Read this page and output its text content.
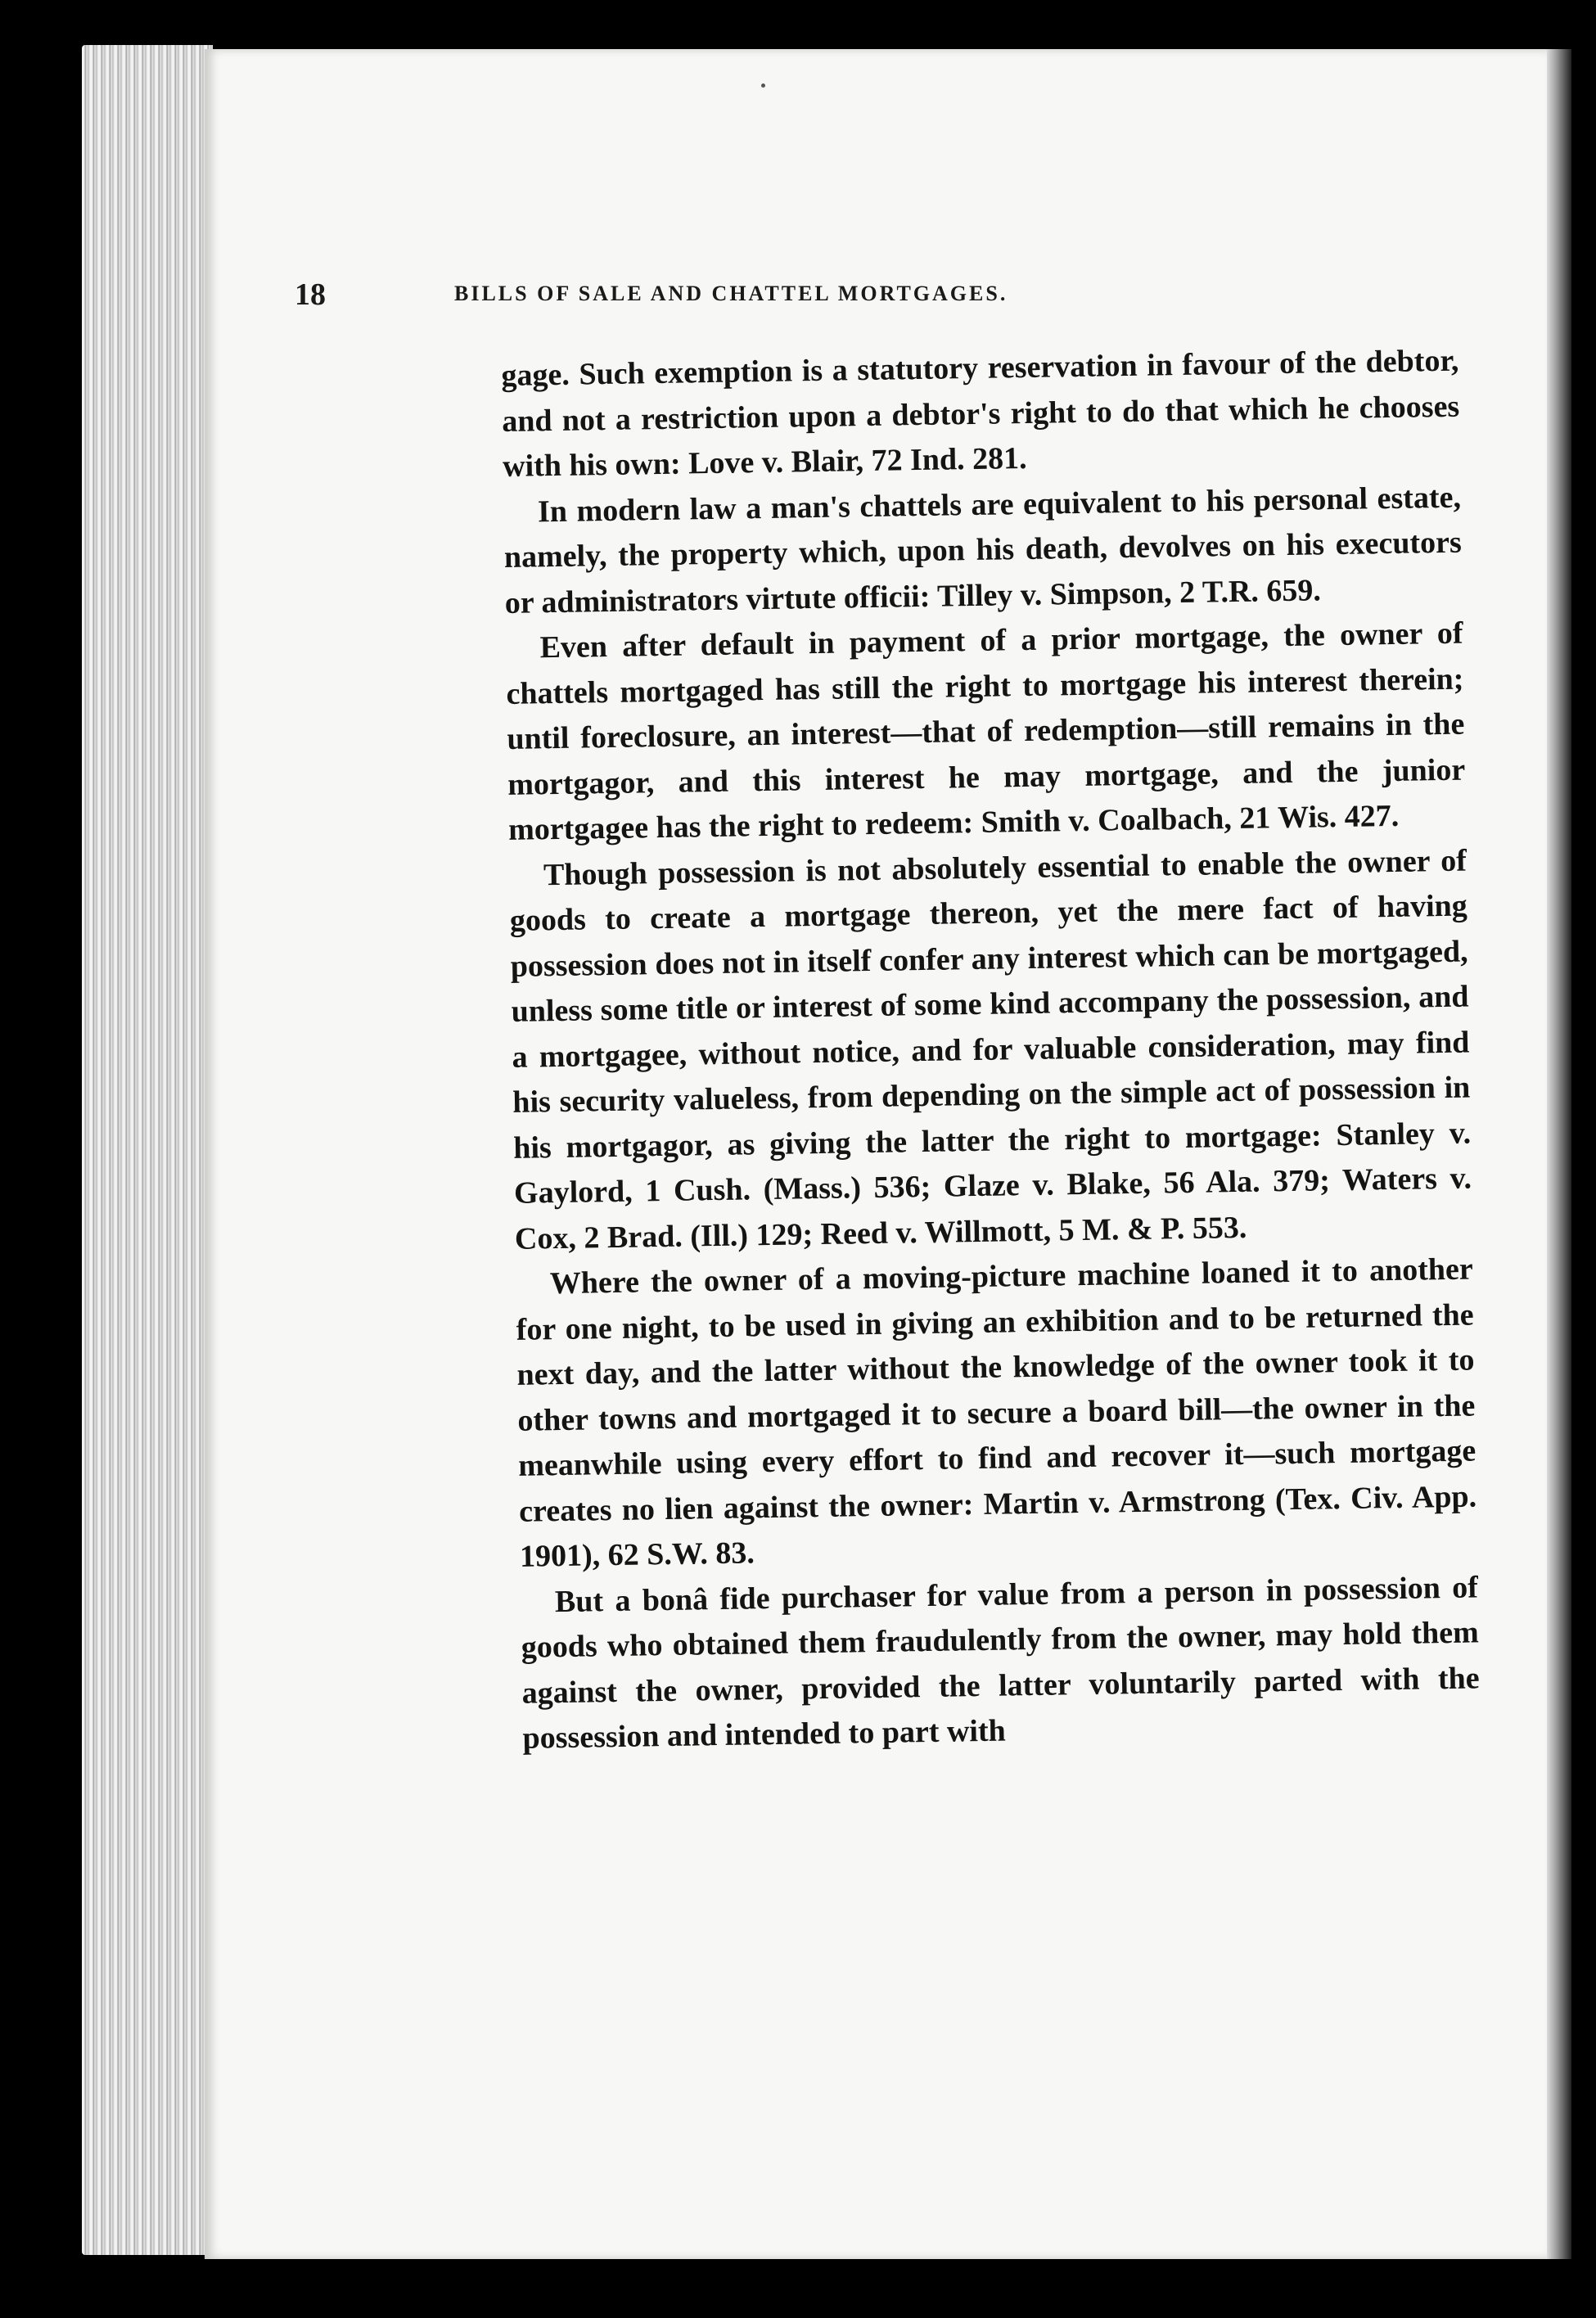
18	BILLS OF SALE AND CHATTEL MORTGAGES.

gage. Such exemption is a statutory reservation in favour of the debtor, and not a restriction upon a debtor's right to do that which he chooses with his own: Love v. Blair, 72 Ind. 281.

In modern law a man's chattels are equivalent to his personal estate, namely, the property which, upon his death, devolves on his executors or administrators virtute officii: Tilley v. Simpson, 2 T.R. 659.

Even after default in payment of a prior mortgage, the owner of chattels mortgaged has still the right to mortgage his interest therein; until foreclosure, an interest—that of redemption—still remains in the mortgagor, and this interest he may mortgage, and the junior mortgagee has the right to redeem: Smith v. Coalbach, 21 Wis. 427.

Though possession is not absolutely essential to enable the owner of goods to create a mortgage thereon, yet the mere fact of having possession does not in itself confer any interest which can be mortgaged, unless some title or interest of some kind accompany the possession, and a mortgagee, without notice, and for valuable consideration, may find his security valueless, from depending on the simple act of possession in his mortgagor, as giving the latter the right to mortgage: Stanley v. Gaylord, 1 Cush. (Mass.) 536; Glaze v. Blake, 56 Ala. 379; Waters v. Cox, 2 Brad. (Ill.) 129; Reed v. Willmott, 5 M. & P. 553.

Where the owner of a moving-picture machine loaned it to another for one night, to be used in giving an exhibition and to be returned the next day, and the latter without the knowledge of the owner took it to other towns and mortgaged it to secure a board bill—the owner in the meanwhile using every effort to find and recover it—such mortgage creates no lien against the owner: Martin v. Armstrong (Tex. Civ. App. 1901), 62 S.W. 83.

But a bonâ fide purchaser for value from a person in possession of goods who obtained them fraudulently from the owner, may hold them against the owner, provided the latter voluntarily parted with the possession and intended to part with
